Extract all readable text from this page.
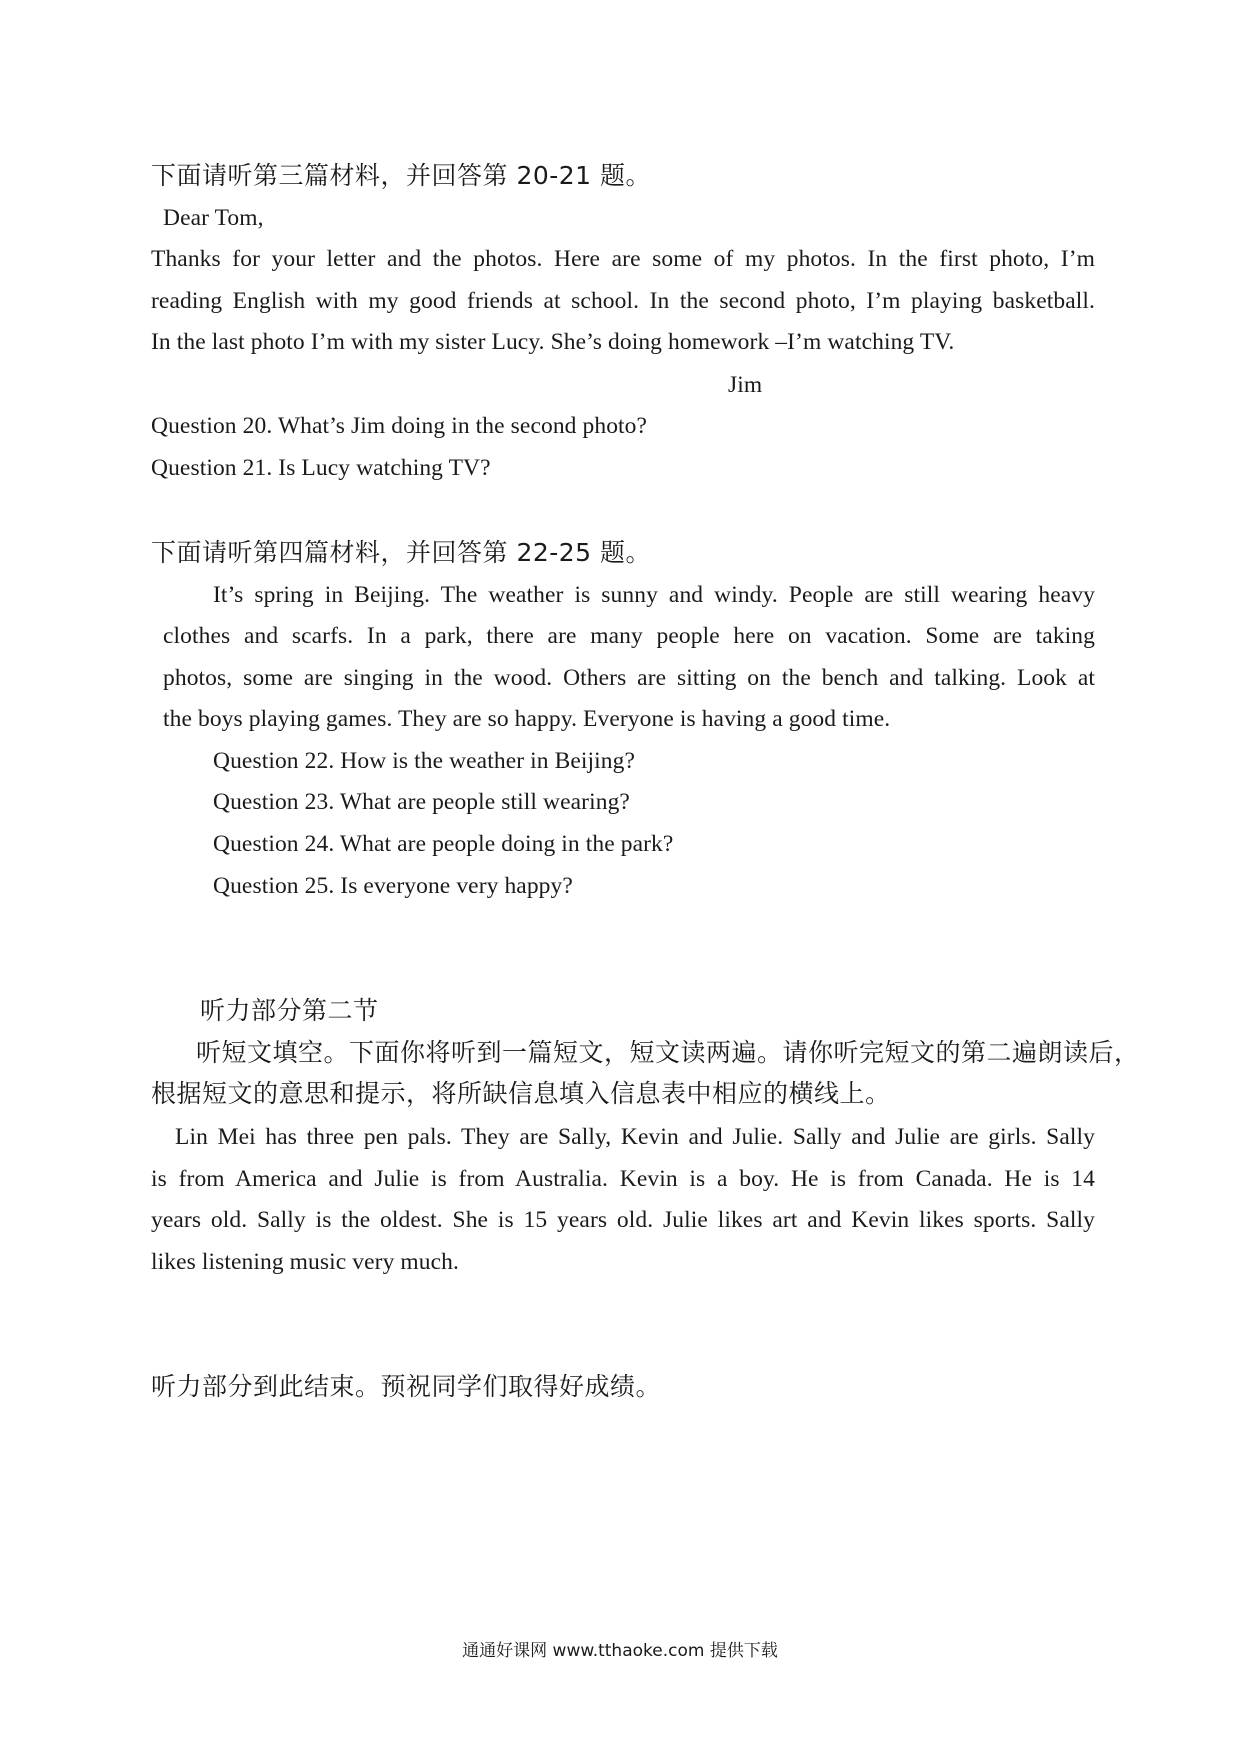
下面请听第三篇材料，并回答第 20-21 题。
Dear Tom,
Thanks for your letter and the photos. Here are some of my photos. In the first photo, I’m
reading English with my good friends at school. In the second photo, I’m playing basketball.
In the last photo I’m with my sister Lucy. She’s doing homework –I’m watching TV.
Jim
Question 20. What’s Jim doing in the second photo?
Question 21. Is Lucy watching TV?
下面请听第四篇材料，并回答第 22-25 题。
It’s spring in Beijing. The weather is sunny and windy. People are still wearing heavy
clothes and scarfs. In a park, there are many people here on vacation. Some are taking
photos, some are singing in the wood. Others are sitting on the bench and talking. Look at
the boys playing games. They are so happy. Everyone is having a good time.
Question 22. How is the weather in Beijing?
Question 23. What are people still wearing?
Question 24. What are people doing in the park?
Question 25. Is everyone very happy?
听力部分第二节
听短文填空。下面你将听到一篇短文，短文读两遍。请你听完短文的第二遍朗读后，
根据短文的意思和提示，将所缺信息填入信息表中相应的横线上。
Lin Mei has three pen pals. They are Sally, Kevin and Julie. Sally and Julie are girls. Sally
is from America and Julie is from Australia. Kevin is a boy. He is from Canada. He is 14
years old. Sally is the oldest. She is 15 years old. Julie likes art and Kevin likes sports. Sally
likes listening music very much.
听力部分到此结束。预祝同学们取得好成绩。
通通好课网 www.tthaoke.com 提供下载
